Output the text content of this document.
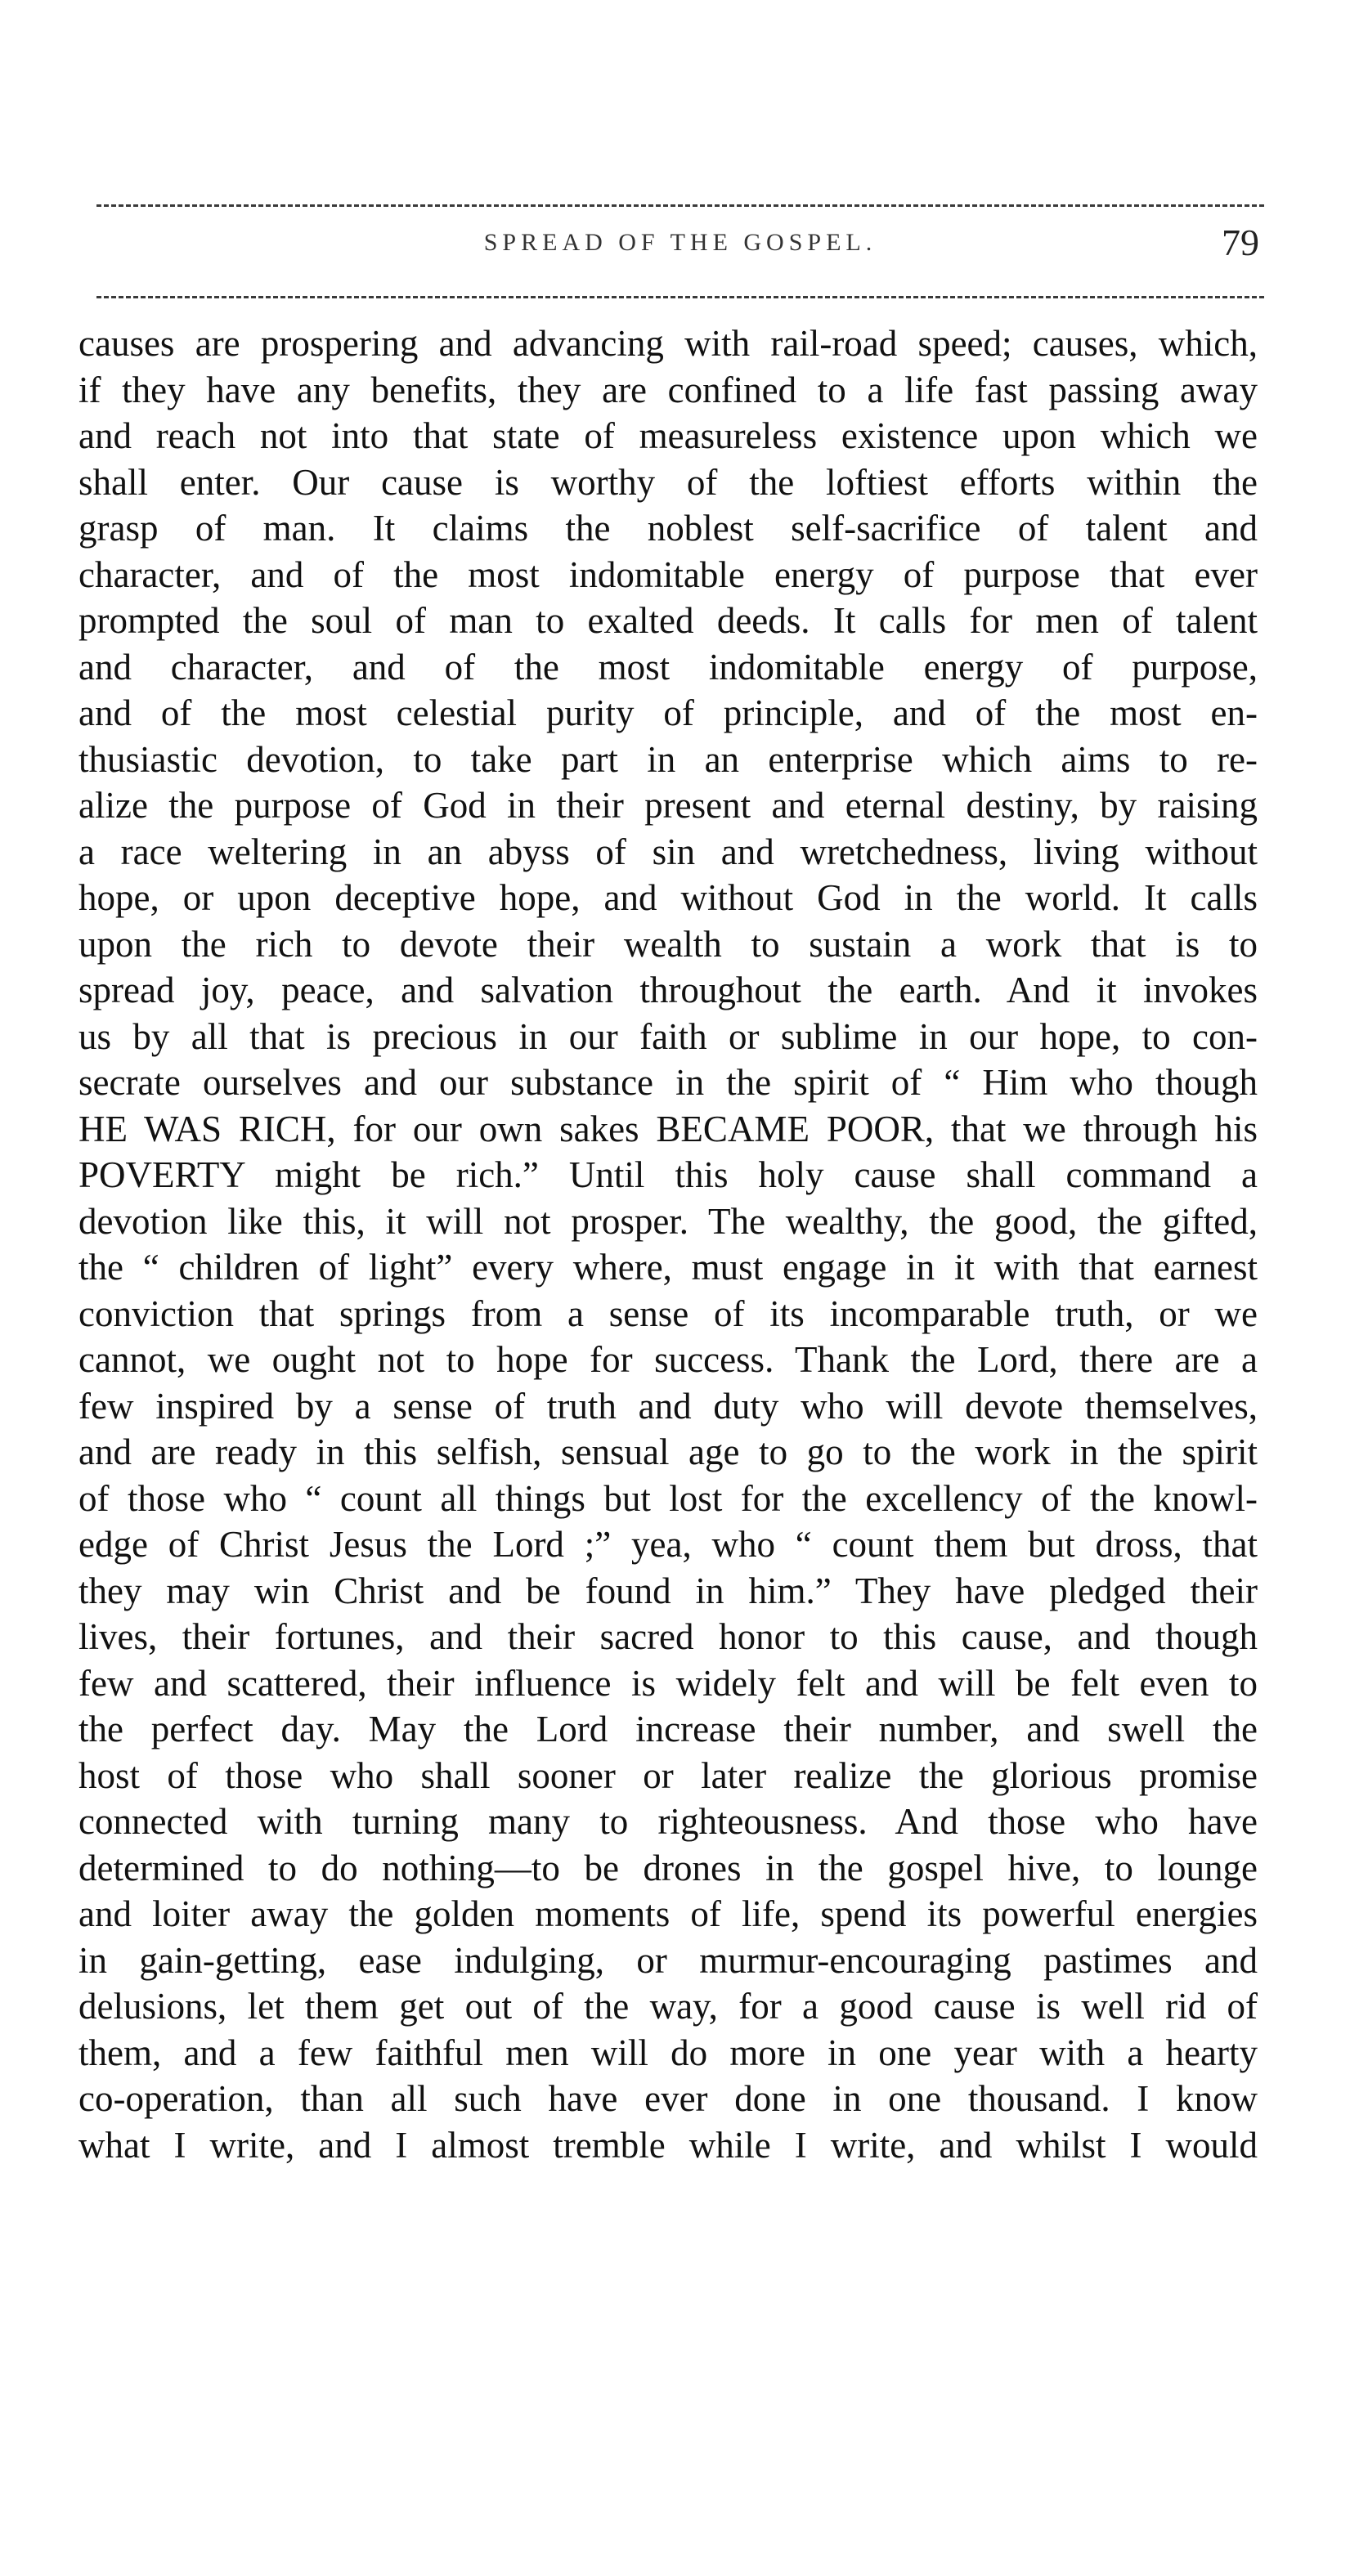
SPREAD OF THE GOSPEL.	79
causes are prospering and advancing with rail-road speed; causes, which,
if they have any benefits, they are confined to a life fast passing away
and reach not into that state of measureless existence upon which we
shall enter. Our cause is worthy of the loftiest efforts within the
grasp of man. It claims the noblest self-sacrifice of talent and
character, and of the most indomitable energy of purpose that ever
prompted the soul of man to exalted deeds. It calls for men of talent
and character, and of the most indomitable energy of purpose,
and of the most celestial purity of principle, and of the most en-
thusiastic devotion, to take part in an enterprise which aims to re-
alize the purpose of God in their present and eternal destiny, by raising
a race weltering in an abyss of sin and wretchedness, living without
hope, or upon deceptive hope, and without God in the world. It calls
upon the rich to devote their wealth to sustain a work that is to
spread joy, peace, and salvation throughout the earth. And it invokes
us by all that is precious in our faith or sublime in our hope, to con-
secrate ourselves and our substance in the spirit of “ Him who though
HE WAS RICH, for our own sakes BECAME POOR, that we through his
POVERTY might be rich.” Until this holy cause shall command a
devotion like this, it will not prosper. The wealthy, the good, the gifted,
the “ children of light” every where, must engage in it with that earnest
conviction that springs from a sense of its incomparable truth, or we
cannot, we ought not to hope for success. Thank the Lord, there are a
few inspired by a sense of truth and duty who will devote themselves,
and are ready in this selfish, sensual age to go to the work in the spirit
of those who “ count all things but lost for the excellency of the knowl-
edge of Christ Jesus the Lord ;” yea, who “ count them but dross, that
they may win Christ and be found in him.” They have pledged their
lives, their fortunes, and their sacred honor to this cause, and though
few and scattered, their influence is widely felt and will be felt even to
the perfect day. May the Lord increase their number, and swell the
host of those who shall sooner or later realize the glorious promise
connected with turning many to righteousness. And those who have
determined to do nothing—to be drones in the gospel hive, to lounge
and loiter away the golden moments of life, spend its powerful energies
in gain-getting, ease indulging, or murmur-encouraging pastimes and
delusions, let them get out of the way, for a good cause is well rid of
them, and a few faithful men will do more in one year with a hearty
co-operation, than all such have ever done in one thousand. I know
what I write, and I almost tremble while I write, and whilst I would
